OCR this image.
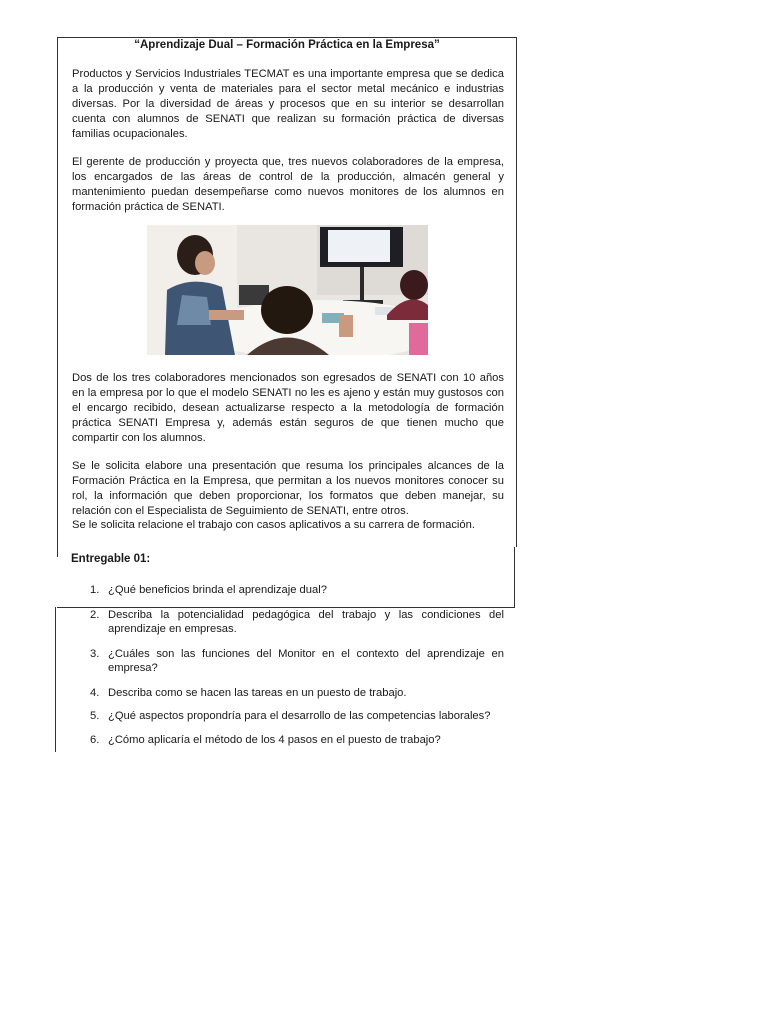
“Aprendizaje Dual – Formación Práctica en la Empresa”

Productos y Servicios Industriales TECMAT es una importante empresa que se dedica a la producción y venta de materiales para el sector metal mecánico e industrias diversas. Por la diversidad de áreas y procesos que en su interior se desarrollan cuenta con alumnos de SENATI que realizan su formación práctica de diversas familias ocupacionales.

El gerente de producción y proyecta que, tres nuevos colaboradores de la empresa, los encargados de las áreas de control de la producción, almacén general y mantenimiento puedan desempeñarse como nuevos monitores de los alumnos en formación práctica de SENATI.

Dos de los tres colaboradores mencionados son egresados de SENATI con 10 años en la empresa por lo que el modelo SENATI no les es ajeno y están muy gustosos con el encargo recibido, desean actualizarse respecto a la metodología de formación práctica SENATI Empresa y, además están seguros de que tienen mucho que compartir con los alumnos.

Se le solicita elabore una presentación que resuma los principales alcances de la Formación Práctica en la Empresa, que permitan a los nuevos monitores conocer su rol, la información que deben proporcionar, los formatos que deben manejar, su relación con el Especialista de Seguimiento de SENATI, entre otros.

Se le solicita relacione el trabajo con casos aplicativos a su carrera de formación.

Entregable 01:
1. ¿Qué beneficios brinda el aprendizaje dual?
2. Describa la potencialidad pedagógica del trabajo y las condiciones del aprendizaje en empresas.
3. ¿Cuáles son las funciones del Monitor en el contexto del aprendizaje en empresa?
4. Describa como se hacen las tareas en un puesto de trabajo.
5. ¿Qué aspectos propondría para el desarrollo de las competencias laborales?
6. ¿Cómo aplicaría el método de los 4 pasos en el puesto de trabajo?
